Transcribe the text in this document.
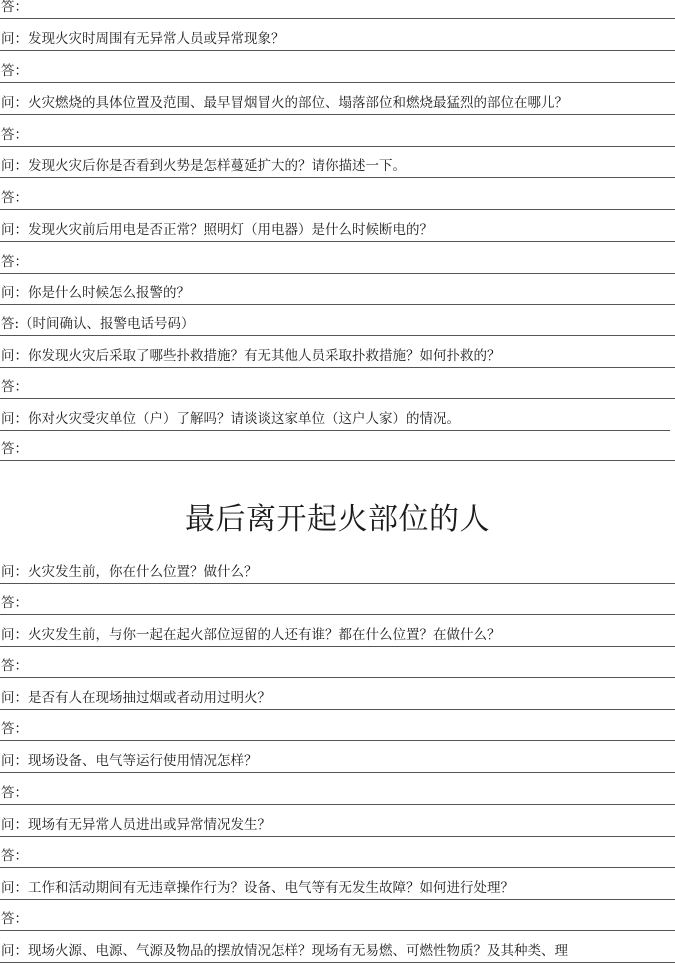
答：
问：发现火灾时周围有无异常人员或异常现象？
答：
问：火灾燃烧的具体位置及范围、最早冒烟冒火的部位、塌落部位和燃烧最猛烈的部位在哪儿？
答：
问：发现火灾后你是否看到火势是怎样蔓延扩大的？请你描述一下。
答：
问：发现火灾前后用电是否正常？照明灯（用电器）是什么时候断电的？
答：
问：你是什么时候怎么报警的？
答:（时间确认、报警电话号码）
问：你发现火灾后采取了哪些扑救措施？有无其他人员采取扑救措施？如何扑救的？
答：
问：你对火灾受灾单位（户）了解吗？请谈谈这家单位（这户人家）的情况。
答：
最后离开起火部位的人
问：火灾发生前，你在什么位置？做什么？
答：
问：火灾发生前，与你一起在起火部位逗留的人还有谁？都在什么位置？在做什么？
答：
问：是否有人在现场抽过烟或者动用过明火？
答：
问：现场设备、电气等运行使用情况怎样？
答：
问：现场有无异常人员进出或异常情况发生？
答：
问：工作和活动期间有无违章操作行为？设备、电气等有无发生故障？如何进行处理？
答：
问：现场火源、电源、气源及物品的摆放情况怎样？现场有无易燃、可燃性物质？及其种类、理
